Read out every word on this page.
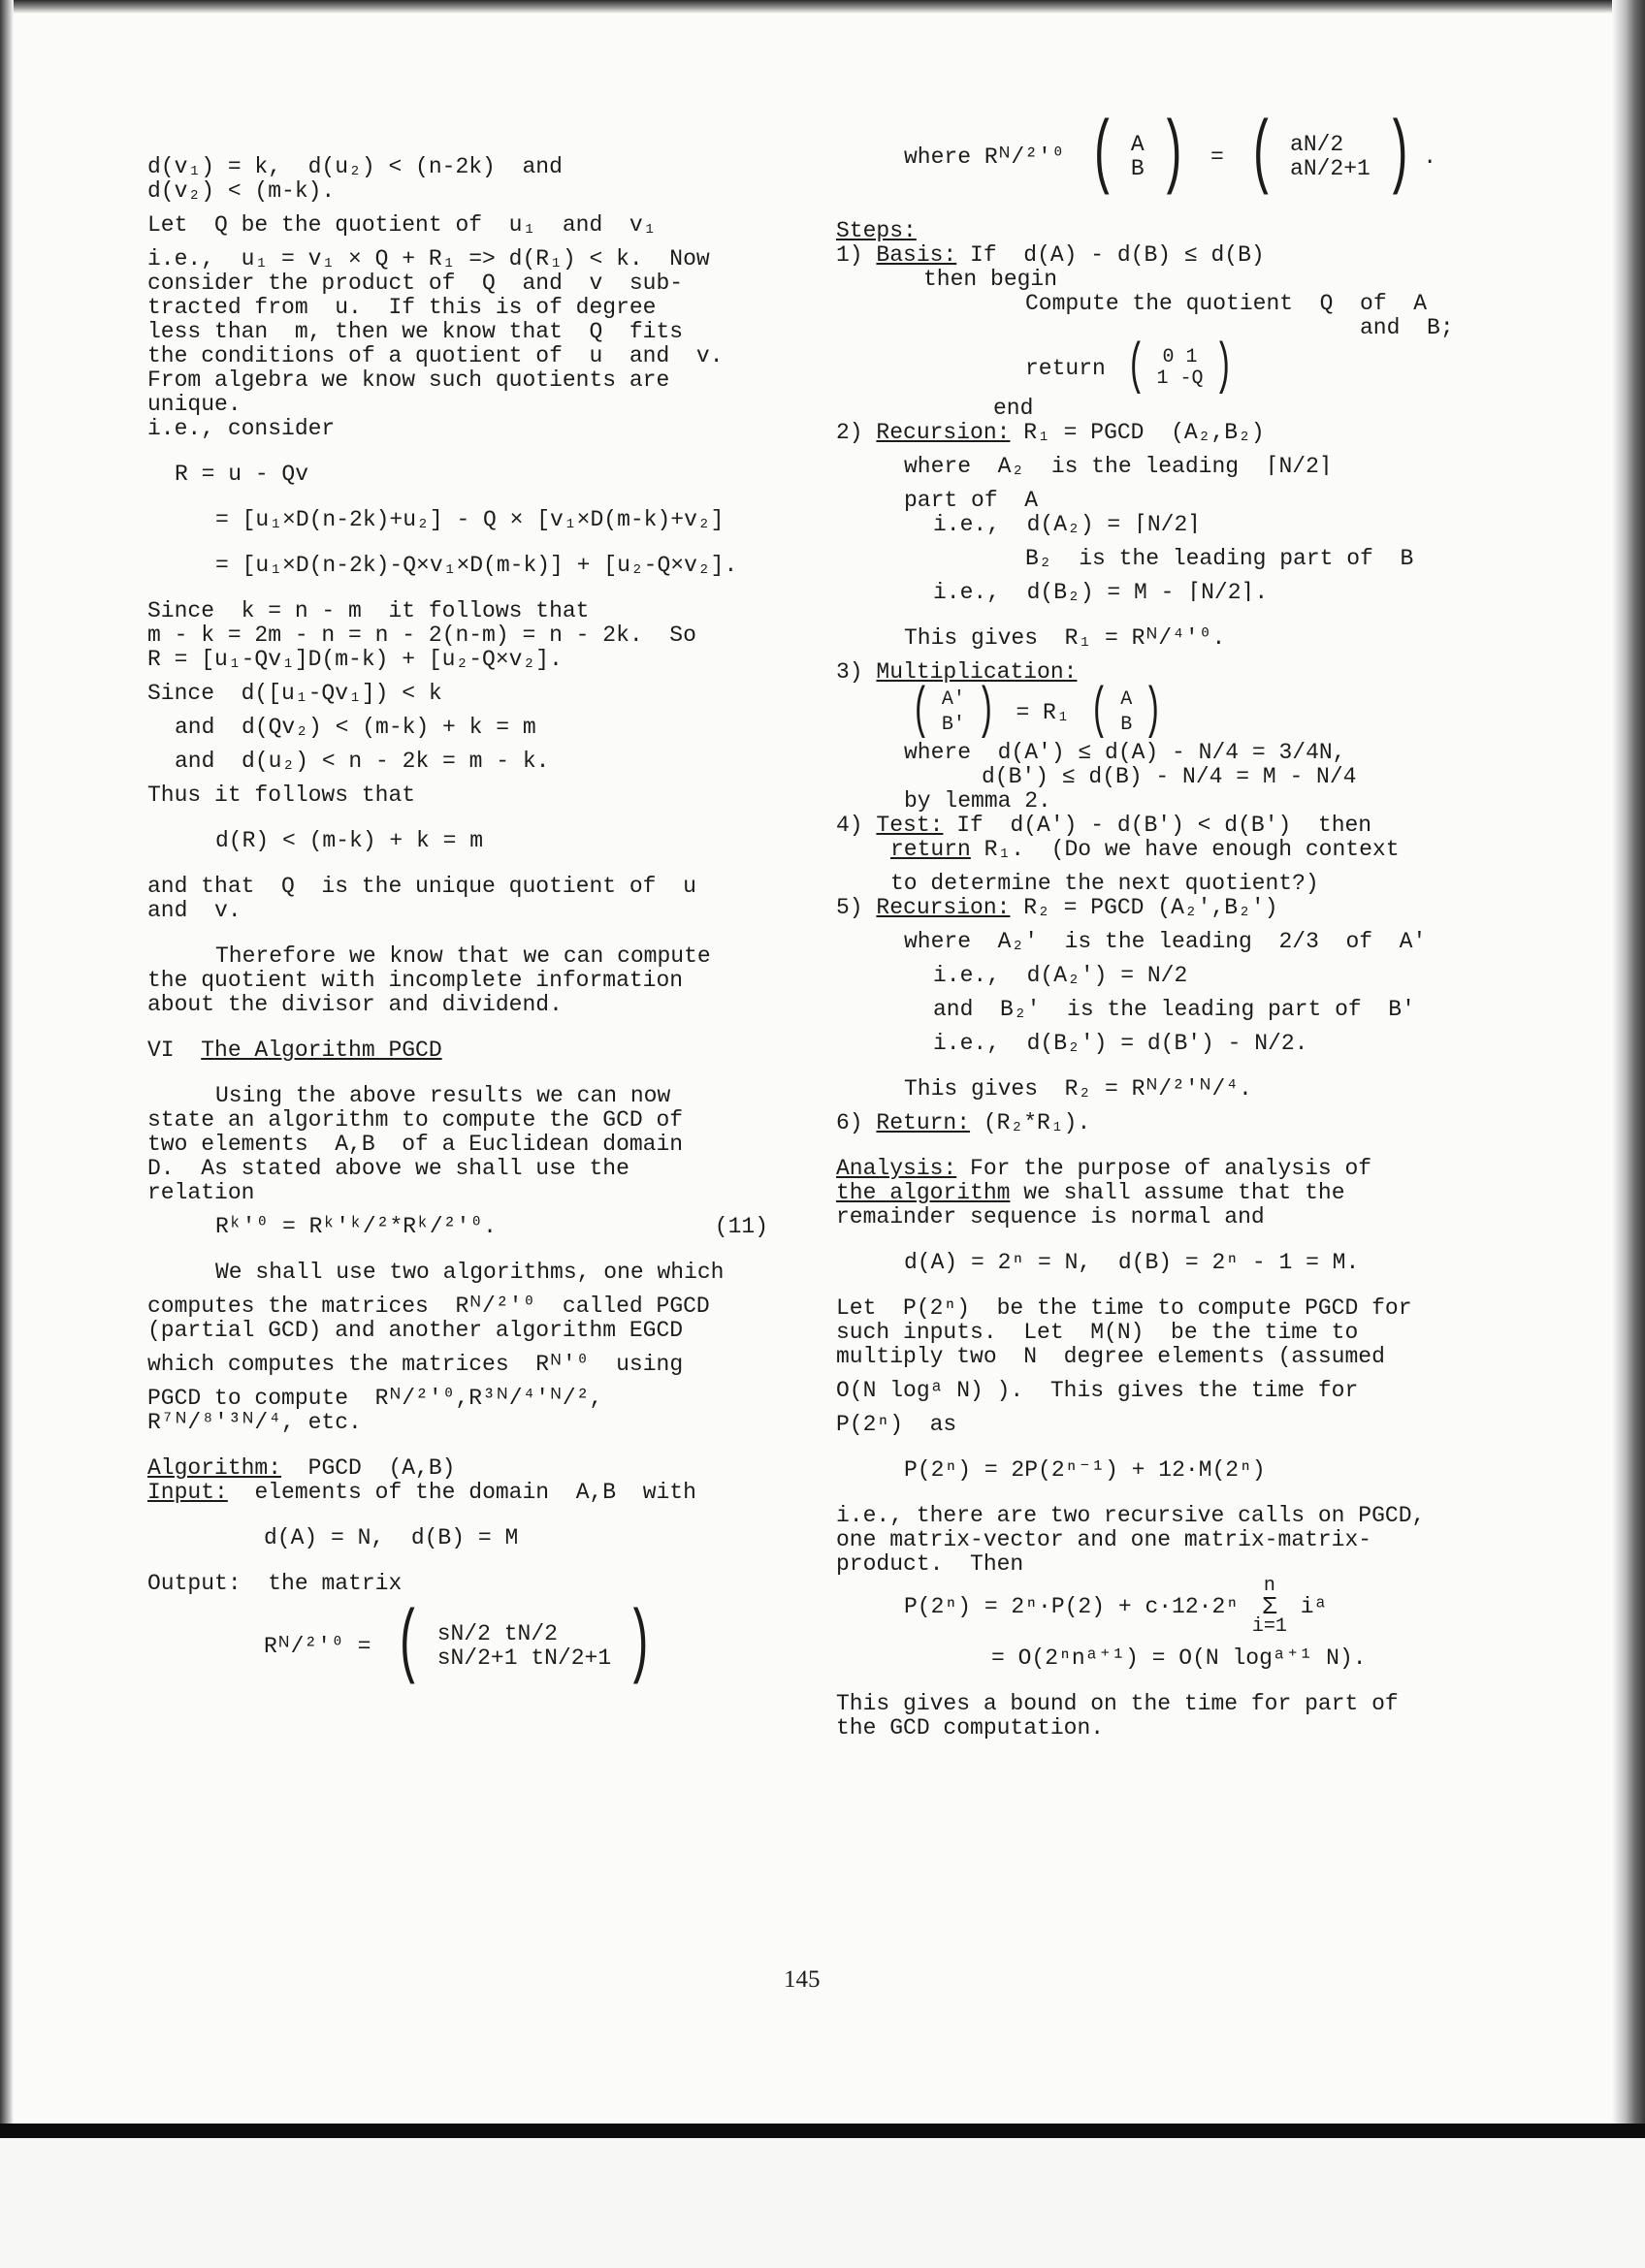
d(v₁) = k,  d(u₂) < (n-2k)  and

d(v₂) < (m-k).

Let  Q be the quotient of  u₁  and  v₁

i.e.,  u₁ = v₁ × Q + R₁ => d(R₁) < k.  Now

consider the product of  Q  and  v  sub-

tracted from  u.  If this is of degree

less than  m, then we know that  Q  fits

the conditions of a quotient of  u  and  v.

From algebra we know such quotients are

unique.

i.e., consider

R = u - Qv

= [u₁×D(n-2k)+u₂] - Q × [v₁×D(m-k)+v₂]

= [u₁×D(n-2k)-Q×v₁×D(m-k)] + [u₂-Q×v₂].

Since  k = n - m  it follows that

m - k = 2m - n = n - 2(n-m) = n - 2k.  So

R = [u₁-Qv₁]D(m-k) + [u₂-Q×v₂].

Since  d([u₁-Qv₁]) < k

and  d(Qv₂) < (m-k) + k = m

and  d(u₂) < n - 2k = m - k.

Thus it follows that

d(R) < (m-k) + k = m

and that  Q  is the unique quotient of  u

and  v.

Therefore we know that we can compute

the quotient with incomplete information

about the divisor and dividend.

VI The Algorithm PGCD

Using the above results we can now

state an algorithm to compute the GCD of

two elements  A,B  of a Euclidean domain

D.  As stated above we shall use the

relation

Rᵏ'⁰ = Rᵏ'ᵏ/²*Rᵏ/²'⁰.	(11)

We shall use two algorithms, one which

computes the matrices  Rᴺ/²'⁰  called PGCD

(partial GCD) and another algorithm EGCD

which computes the matrices  Rᴺ'⁰  using

PGCD to compute  Rᴺ/²'⁰,R³ᴺ/⁴'ᴺ/²,

R⁷ᴺ/⁸'³ᴺ/⁴, etc.

Algorithm: PGCD  (A,B)

Input: elements of the domain  A,B  with

d(A) = N,  d(B) = M

Output: the matrix

Rᴺ/²'⁰ = ( sN/2 tN/2
sN/2+1 tN/2+1 )
where Rᴺ/²'⁰ ( A
B ) = ( aN/2
aN/2+1 ) .

Steps:

1) Basis: If  d(A) - d(B) ≤ d(B)

then begin

Compute the quotient  Q  of  A

and  B;

return ( 0 1
1 -Q )

end

2) Recursion: R₁ = PGCD  (A₂,B₂)

where  A₂  is the leading  ⌈N/2⌉

part of  A

i.e.,  d(A₂) = ⌈N/2⌉

B₂  is the leading part of  B

i.e.,  d(B₂) = M - ⌈N/2⌉.

This gives  R₁ = Rᴺ/⁴'⁰.

3) Multiplication:

( A'
B' ) = R₁ ( A
B )

where  d(A') ≤ d(A) - N/4 = 3/4N,

d(B') ≤ d(B) - N/4 = M - N/4

by lemma 2.

4) Test: If  d(A') - d(B') < d(B')  then

return R₁.  (Do we have enough context

to determine the next quotient?)

5) Recursion: R₂ = PGCD (A₂',B₂')

where  A₂'  is the leading  2/3  of  A'

i.e.,  d(A₂') = N/2

and  B₂'  is the leading part of  B'

i.e.,  d(B₂') = d(B') - N/2.

This gives  R₂ = Rᴺ/²'ᴺ/⁴.

6) Return: (R₂*R₁).

Analysis: For the purpose of analysis of

the algorithm we shall assume that the

remainder sequence is normal and

d(A) = 2ⁿ = N,  d(B) = 2ⁿ - 1 = M.

Let  P(2ⁿ)  be the time to compute PGCD for

such inputs.  Let  M(N)  be the time to

multiply two  N  degree elements (assumed

O(N logᵃ N) ).  This gives the time for

P(2ⁿ)  as

P(2ⁿ) = 2P(2ⁿ⁻¹) + 12·M(2ⁿ)

i.e., there are two recursive calls on PGCD,

one matrix-vector and one matrix-matrix-

product.  Then

P(2ⁿ) = 2ⁿ·P(2) + c·12·2ⁿ
n
Σ
i=1
iᵃ

= O(2ⁿnᵃ⁺¹) = O(N logᵃ⁺¹ N).

This gives a bound on the time for part of

the GCD computation.

145
